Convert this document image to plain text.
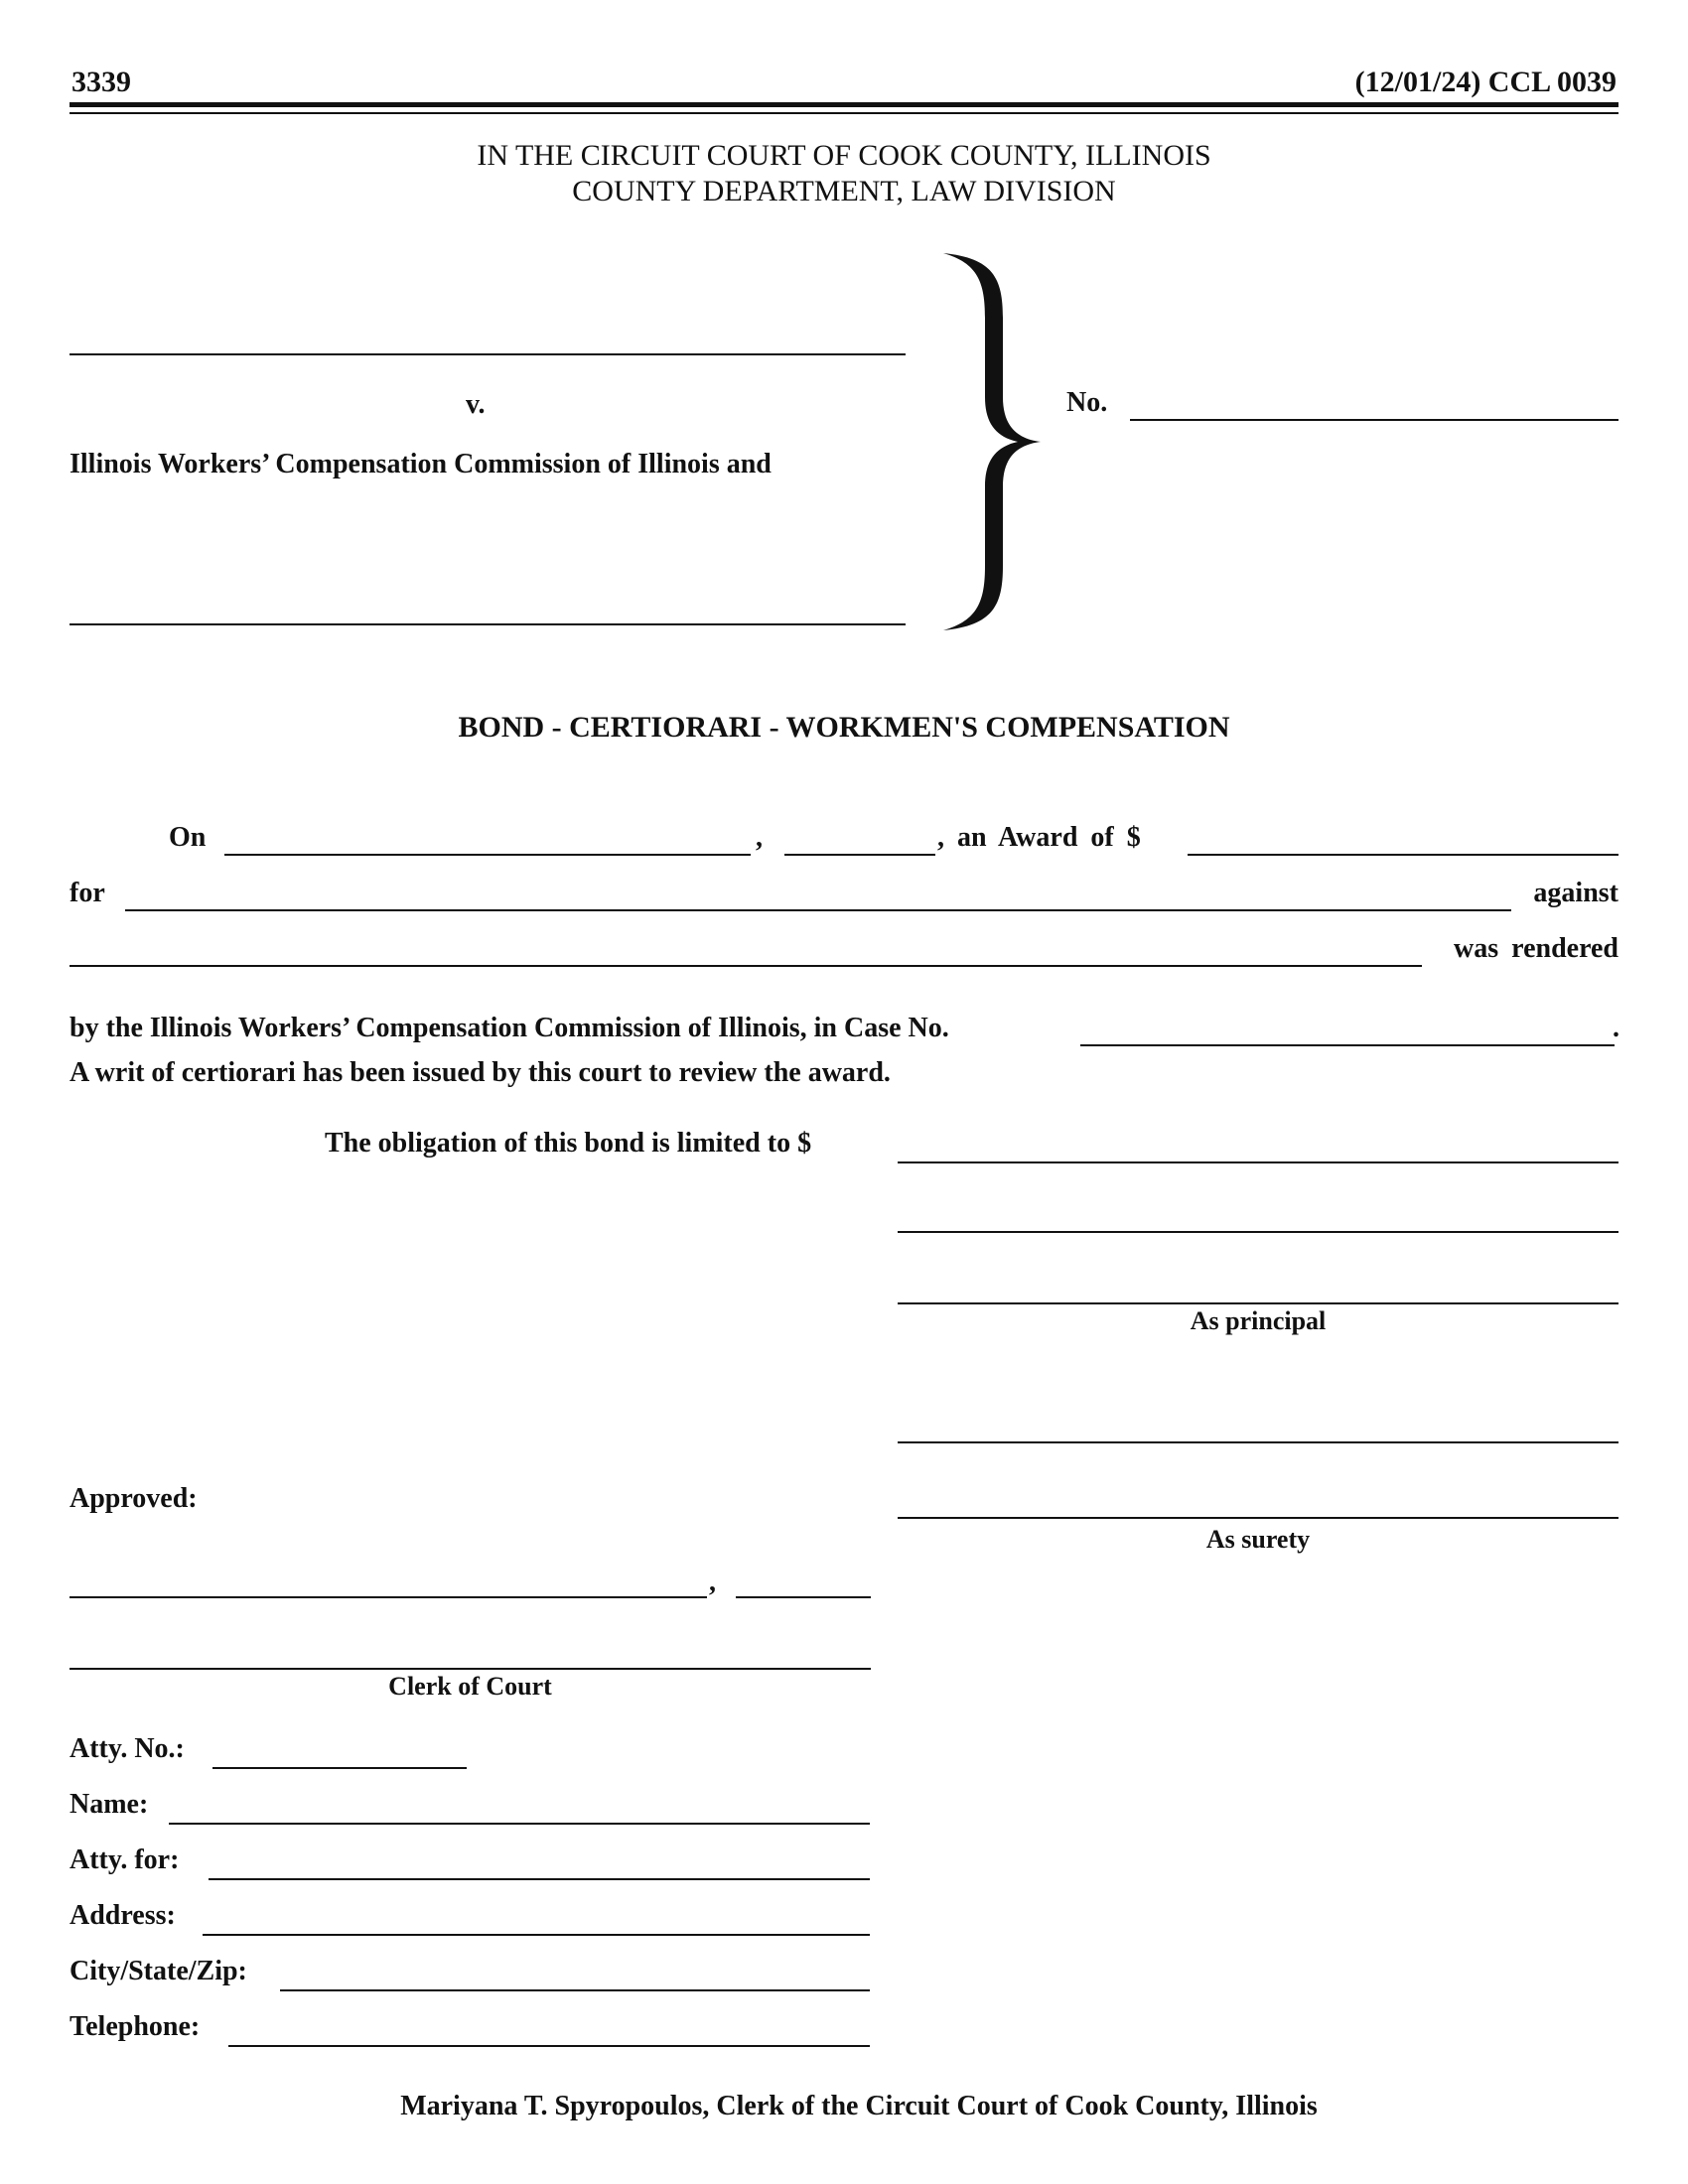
3339	(12/01/24) CCL 0039
IN THE CIRCUIT COURT OF COOK COUNTY, ILLINOIS
COUNTY DEPARTMENT, LAW DIVISION
v.
Illinois Workers’ Compensation Commission of Illinois and
No.
BOND - CERTIORARI - WORKMEN'S COMPENSATION
On	,	, an Award of $
for	against
was rendered
by the Illinois Workers’ Compensation Commission of Illinois, in Case No.	.
A writ of certiorari has been issued by this court to review the award.
The obligation of this bond is limited to $
As principal
As surety
Approved:
,
Clerk of Court
Atty. No.:
Name:
Atty. for:
Address:
City/State/Zip:
Telephone:
Mariyana T. Spyropoulos, Clerk of the Circuit Court of Cook County, Illinois
